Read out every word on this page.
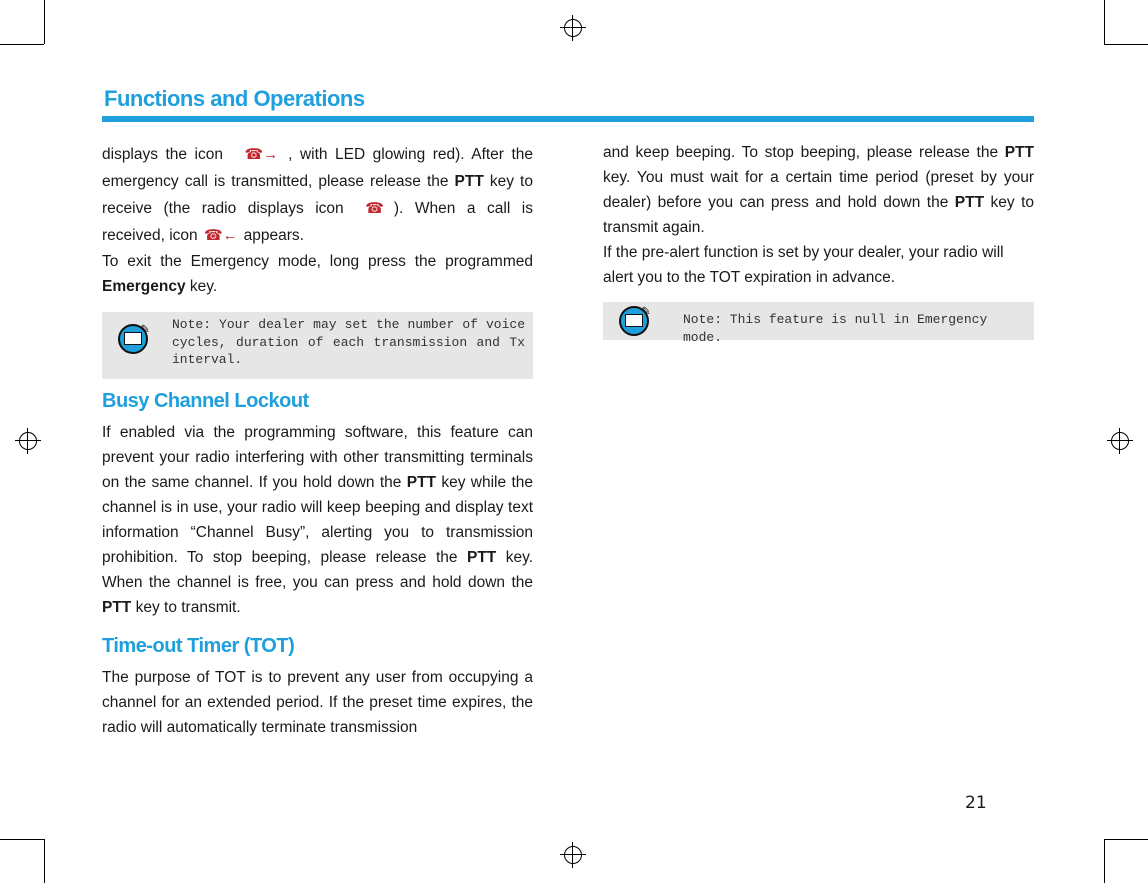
Functions and Operations

displays the icon ☎→ , with LED glowing red). After the emergency call is transmitted, please release the PTT key to receive (the radio displays icon ☎ ). When a call is received, icon ☎← appears.

To exit the Emergency mode, long press the programmed Emergency key.

✎ Note: Your dealer may set the number of voice cycles, duration of each transmission and Tx interval.
Busy Channel Lockout

If enabled via the programming software, this feature can prevent your radio interfering with other transmitting terminals on the same channel. If you hold down the PTT key while the channel is in use, your radio will keep beeping and display text information “Channel Busy”, alerting you to transmission prohibition. To stop beeping, please release the PTT key. When the channel is free, you can press and hold down the PTT key to transmit.

Time-out Timer (TOT)

The purpose of TOT is to prevent any user from occupying a channel for an extended period. If the preset time expires, the radio will automatically terminate transmission

and keep beeping. To stop beeping, please release the PTT key. You must wait for a certain time period (preset by your dealer) before you can press and hold down the PTT key to transmit again.

If the pre-alert function is set by your dealer, your radio will alert you to the TOT expiration in advance.

✎	Note: This feature is null in Emergency mode.
21
